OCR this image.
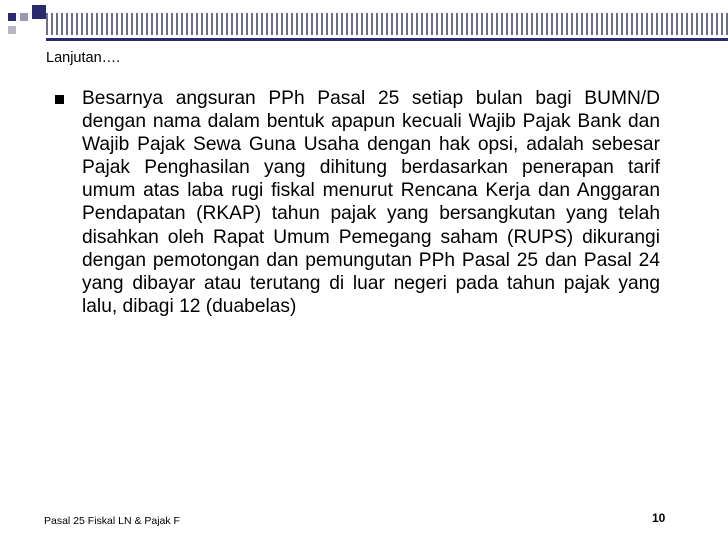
Lanjutan….
Besarnya angsuran PPh Pasal 25 setiap bulan bagi BUMN/D dengan nama dalam bentuk apapun kecuali Wajib Pajak Bank dan Wajib Pajak Sewa Guna Usaha dengan hak opsi, adalah sebesar Pajak Penghasilan yang dihitung berdasarkan penerapan tarif umum atas laba rugi fiskal menurut Rencana Kerja dan Anggaran Pendapatan (RKAP) tahun pajak yang bersangkutan yang telah disahkan oleh Rapat Umum Pemegang saham (RUPS) dikurangi dengan pemotongan dan pemungutan PPh Pasal 25 dan Pasal 24 yang dibayar atau terutang di luar negeri pada tahun pajak yang lalu, dibagi 12 (duabelas)
Pasal 25 Fiskal LN & Pajak F	10
